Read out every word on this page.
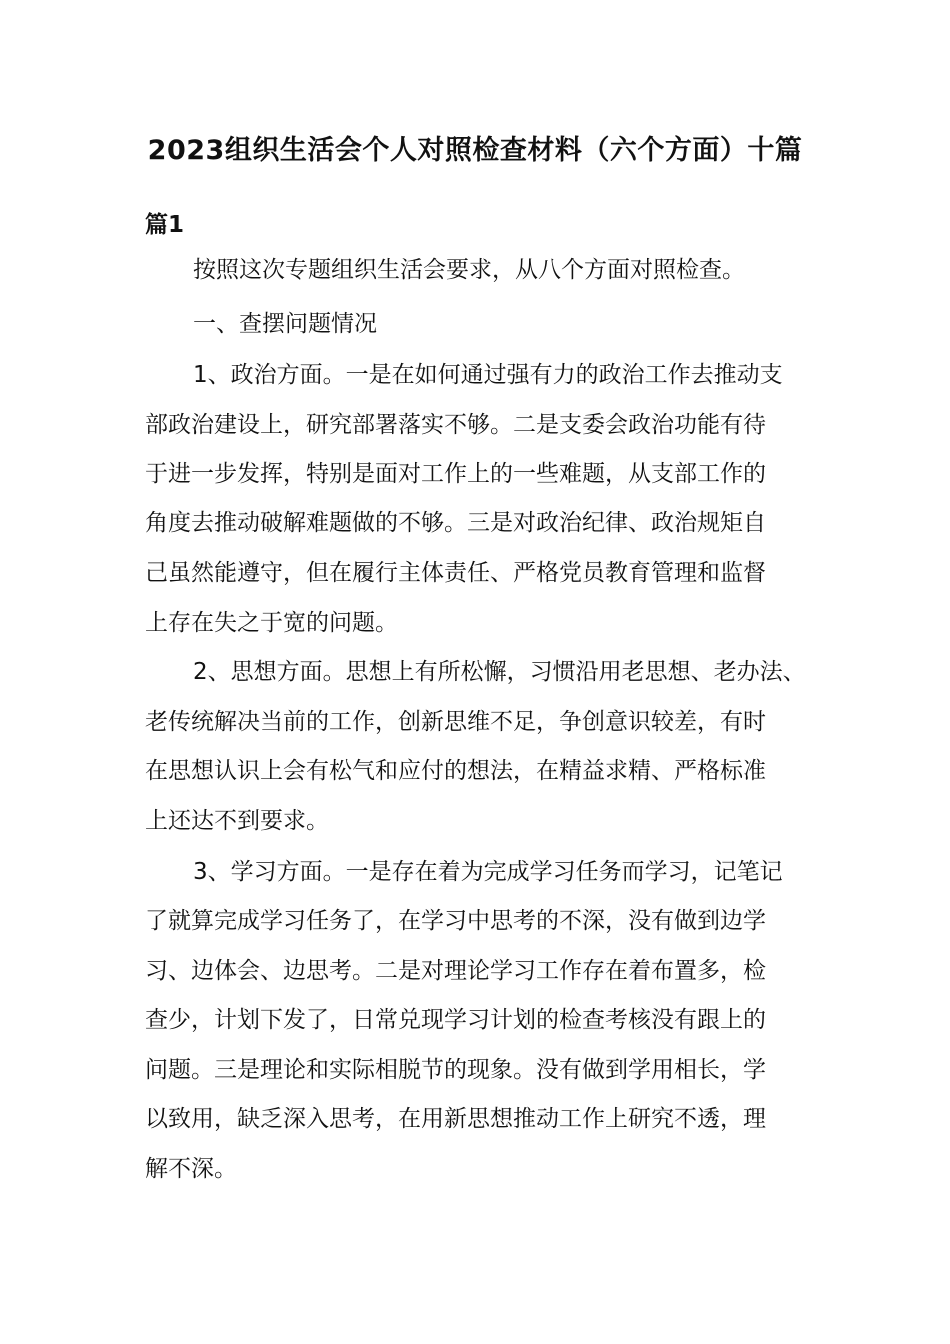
2023组织生活会个人对照检查材料（六个方面）十篇
篇1
按照这次专题组织生活会要求，从八个方面对照检查。
一、查摆问题情况
1、政治方面。一是在如何通过强有力的政治工作去推动支
部政治建设上，研究部署落实不够。二是支委会政治功能有待
于进一步发挥，特别是面对工作上的一些难题，从支部工作的
角度去推动破解难题做的不够。三是对政治纪律、政治规矩自
己虽然能遵守，但在履行主体责任、严格党员教育管理和监督
上存在失之于宽的问题。
2、思想方面。思想上有所松懈，习惯沿用老思想、老办法、
老传统解决当前的工作，创新思维不足，争创意识较差，有时
在思想认识上会有松气和应付的想法，在精益求精、严格标准
上还达不到要求。
3、学习方面。一是存在着为完成学习任务而学习，记笔记
了就算完成学习任务了，在学习中思考的不深，没有做到边学
习、边体会、边思考。二是对理论学习工作存在着布置多，检
查少，计划下发了，日常兑现学习计划的检查考核没有跟上的
问题。三是理论和实际相脱节的现象。没有做到学用相长，学
以致用，缺乏深入思考，在用新思想推动工作上研究不透，理
解不深。
